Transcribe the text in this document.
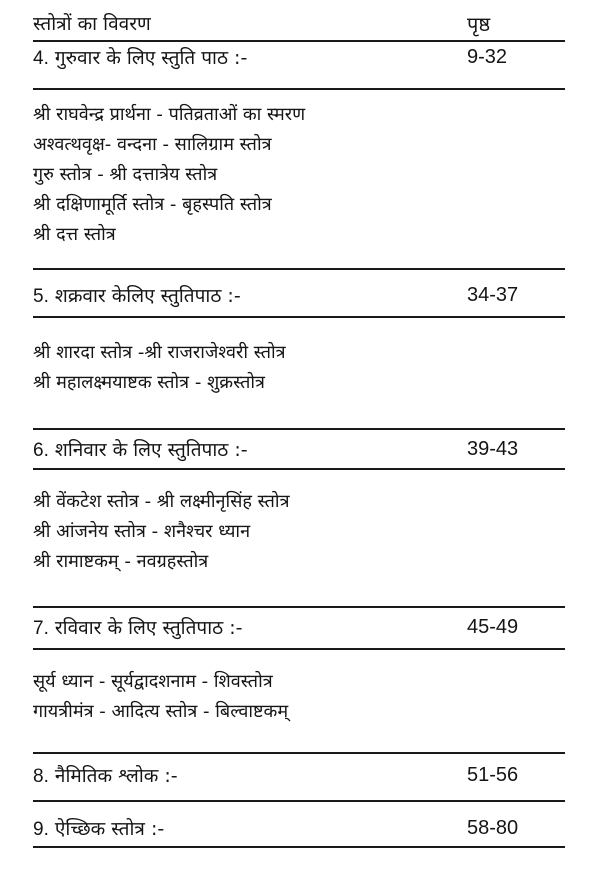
स्तोत्रों का विवरण	पृष्ठ
4. गुरुवार के लिए स्तुति पाठ :-	9-32
श्री राघवेन्द्र प्रार्थना - पतिव्रताओं का स्मरण
अश्वत्थवृक्ष- वन्दना - सालिग्राम स्तोत्र
गुरु स्तोत्र - श्री दत्तात्रेय स्तोत्र
श्री दक्षिणामूर्ति स्तोत्र - बृहस्पति स्तोत्र
श्री दत्त स्तोत्र
5. शक्रवार केलिए स्तुतिपाठ :-	34-37
श्री शारदा स्तोत्र -श्री राजराजेश्वरी स्तोत्र
श्री महालक्ष्मयाष्टक स्तोत्र - शुक्रस्तोत्र
6. शनिवार के लिए स्तुतिपाठ :-	39-43
श्री वेंकटेश स्तोत्र - श्री लक्ष्मीनृसिंह स्तोत्र
श्री आंजनेय स्तोत्र - शनैश्चर ध्यान
श्री रामाष्टकम् - नवग्रहस्तोत्र
7. रविवार के लिए स्तुतिपाठ :-	45-49
सूर्य ध्यान - सूर्यद्वादशनाम - शिवस्तोत्र
गायत्रीमंत्र - आदित्य स्तोत्र - बिल्वाष्टकम्
8. नैमितिक श्लोक :-	51-56
9. ऐच्छिक स्तोत्र :-	58-80
